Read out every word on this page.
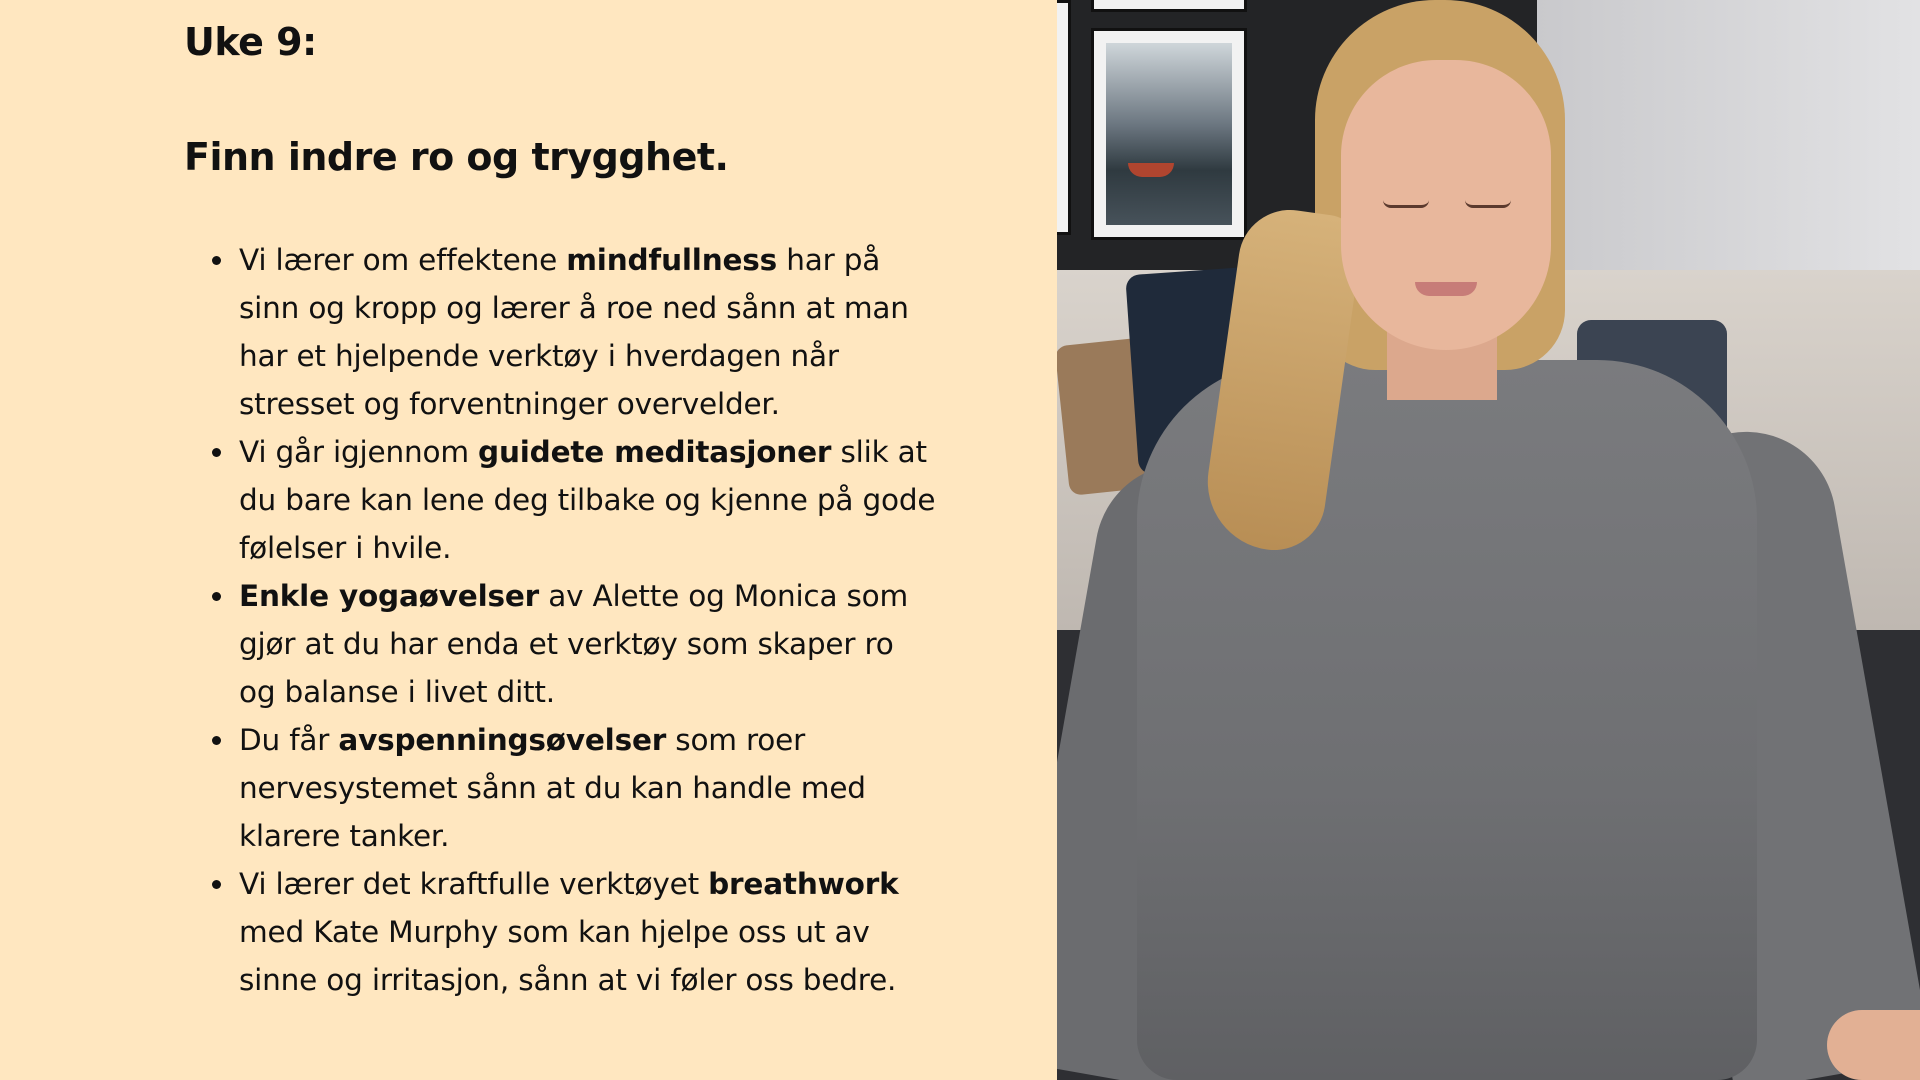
Uke 9:
Finn indre ro og trygghet.
Vi lærer om effektene mindfullness har på sinn og kropp og lærer å roe ned sånn at man har et hjelpende verktøy i hverdagen når stresset og forventninger overvelder.
Vi går igjennom guidete meditasjoner slik at du bare kan lene deg tilbake og kjenne på gode følelser i hvile.
Enkle yogaøvelser av Alette og Monica som gjør at du har enda et verktøy som skaper ro og balanse i livet ditt.
Du får avspenningsøvelser som roer nervesystemet sånn at du kan handle med klarere tanker.
Vi lærer det kraftfulle verktøyet breathwork med Kate Murphy som kan hjelpe oss ut av sinne og irritasjon, sånn at vi føler oss bedre.
